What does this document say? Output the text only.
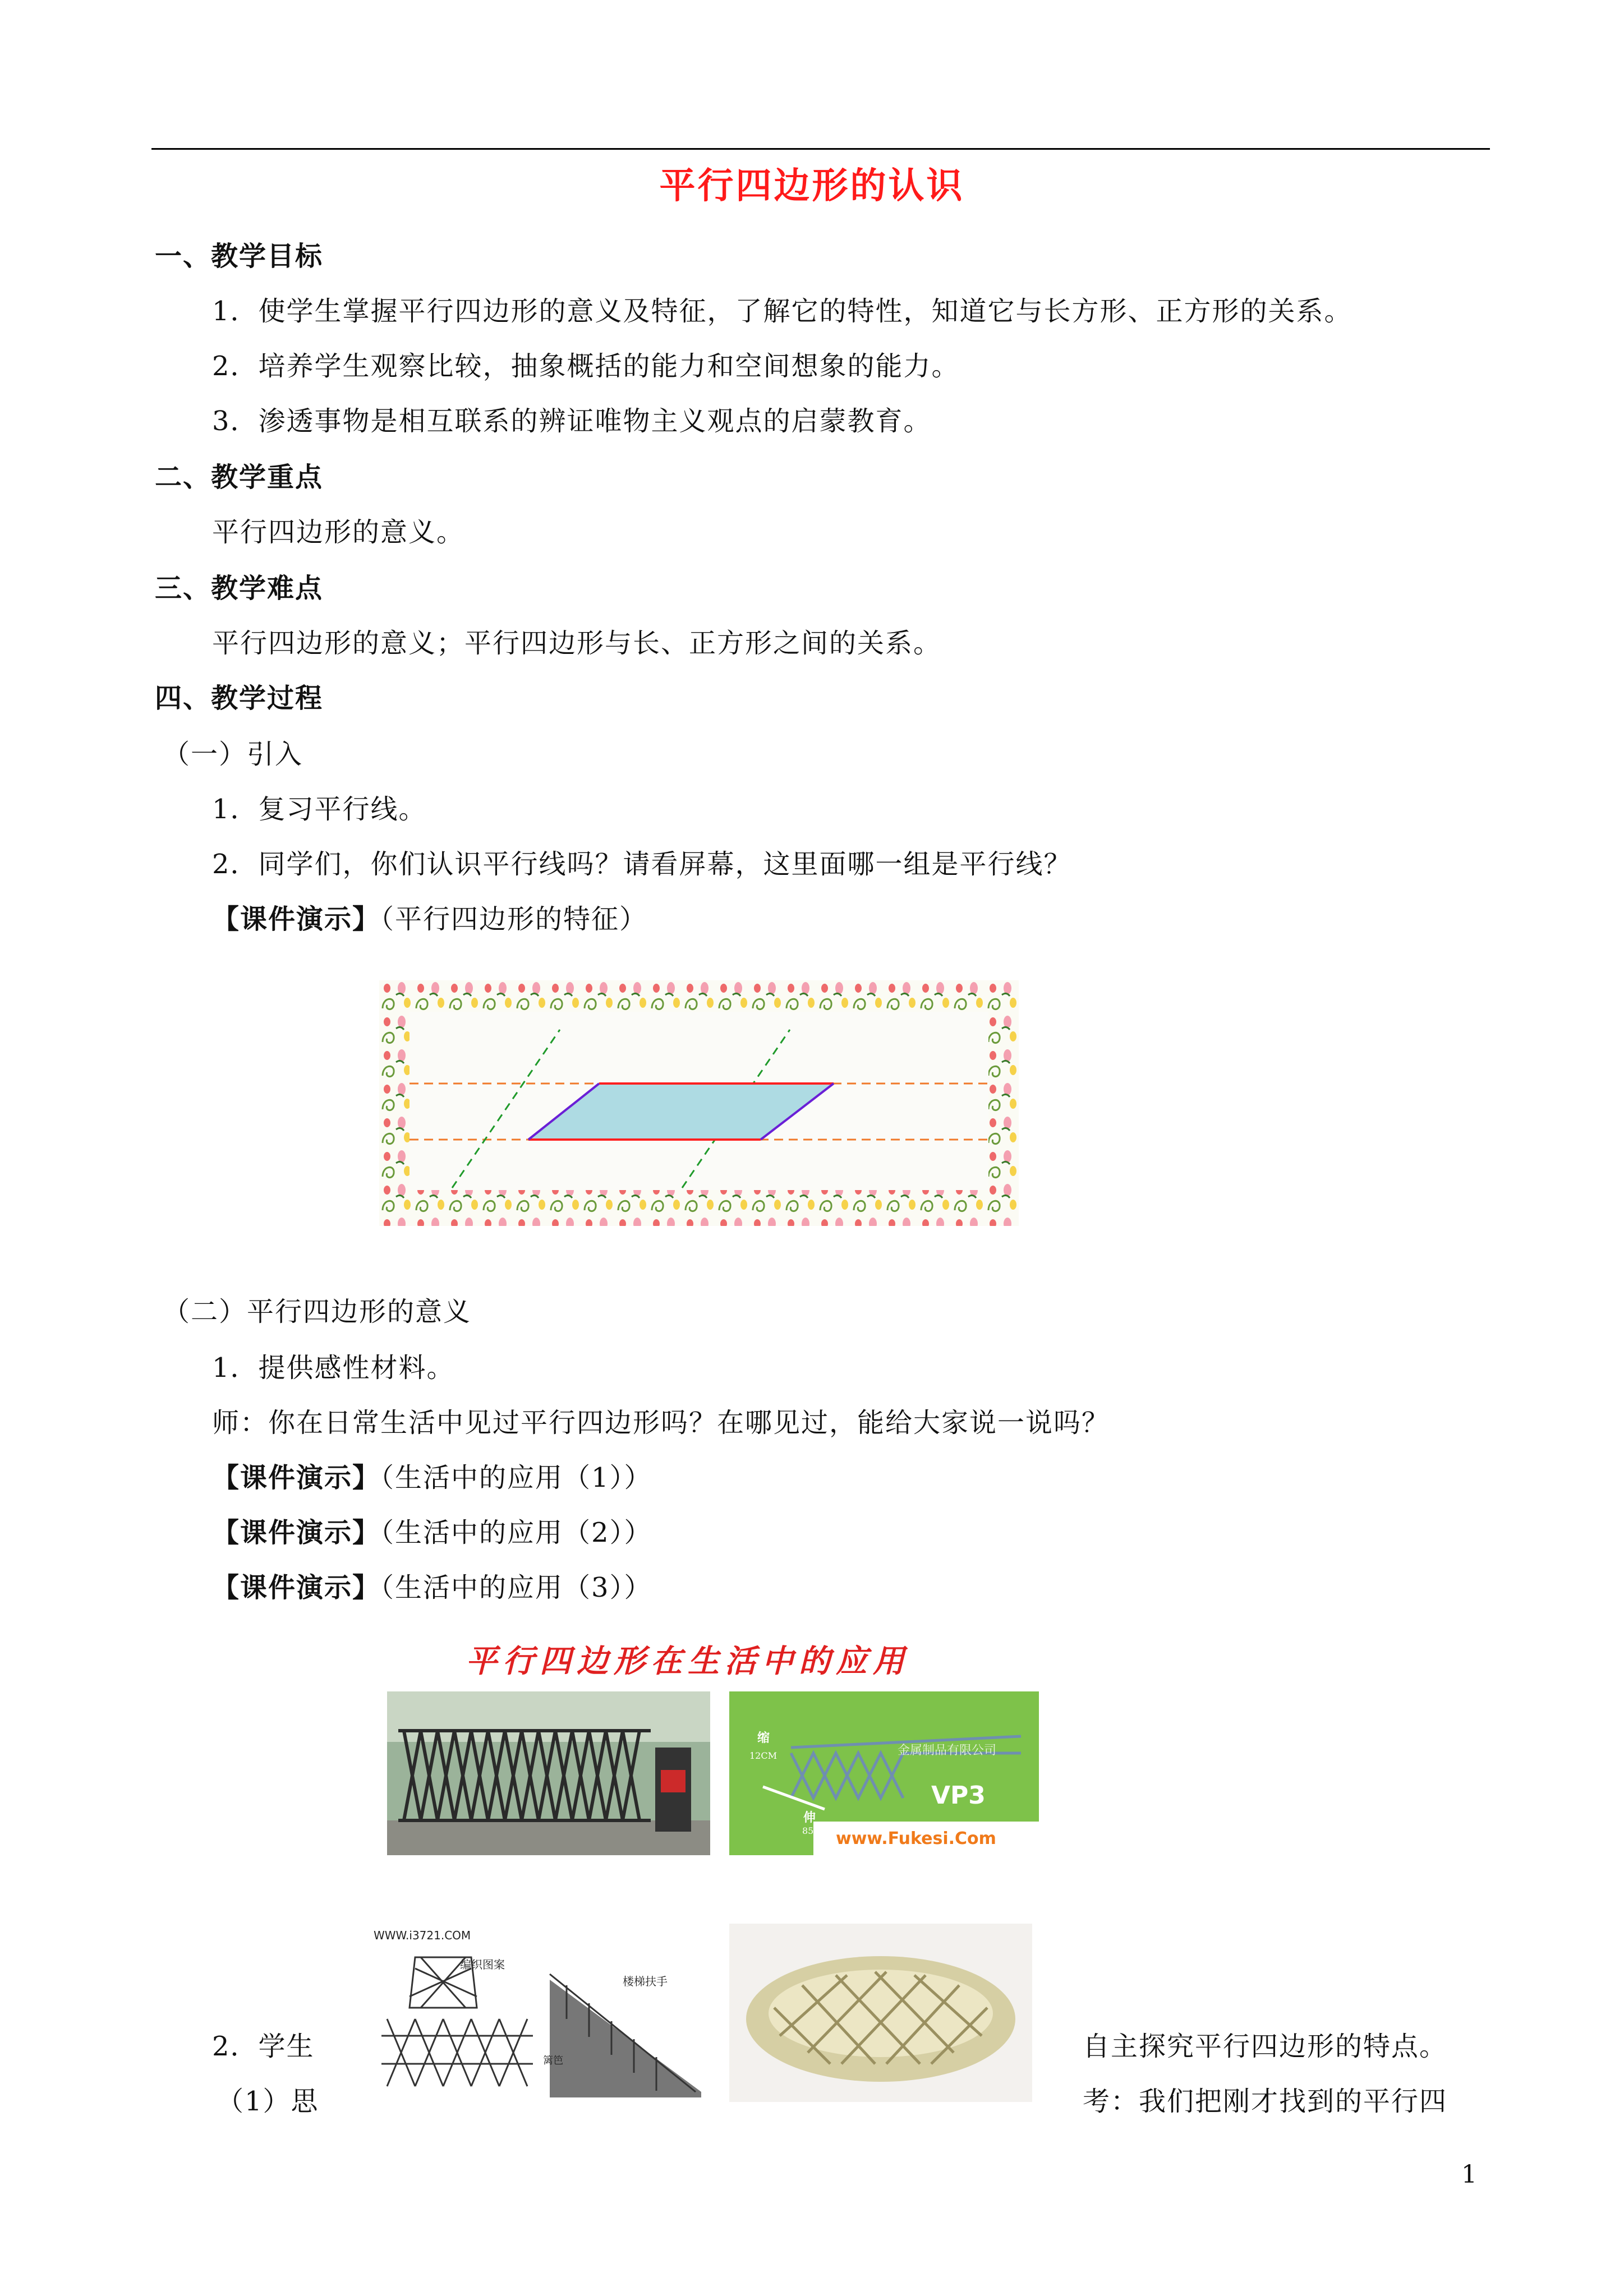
平行四边形的认识
一、教学目标
1．使学生掌握平行四边形的意义及特征，了解它的特性，知道它与长方形、正方形的关系。
2．培养学生观察比较，抽象概括的能力和空间想象的能力。
3．渗透事物是相互联系的辨证唯物主义观点的启蒙教育。
二、教学重点
平行四边形的意义。
三、教学难点
平行四边形的意义；平行四边形与长、正方形之间的关系。
四、教学过程
（一）引入
1．复习平行线。
2．同学们，你们认识平行线吗？请看屏幕，这里面哪一组是平行线？
【课件演示】（平行四边形的特征）
（二）平行四边形的意义
1．提供感性材料。
师：你在日常生活中见过平行四边形吗？在哪见过，能给大家说一说吗？
【课件演示】（生活中的应用（1））
【课件演示】（生活中的应用（2））
【课件演示】（生活中的应用（3））
平行四边形在生活中的应用
缩
12CM
伸
85CM
VP3
金属制品有限公司
www.Fukesi.Com
WWW.i3721.COM
编织图案
楼梯扶手
篱笆
2．学生	自主探究平行四边形的特点。
（1）思	考：我们把刚才找到的平行四
1
